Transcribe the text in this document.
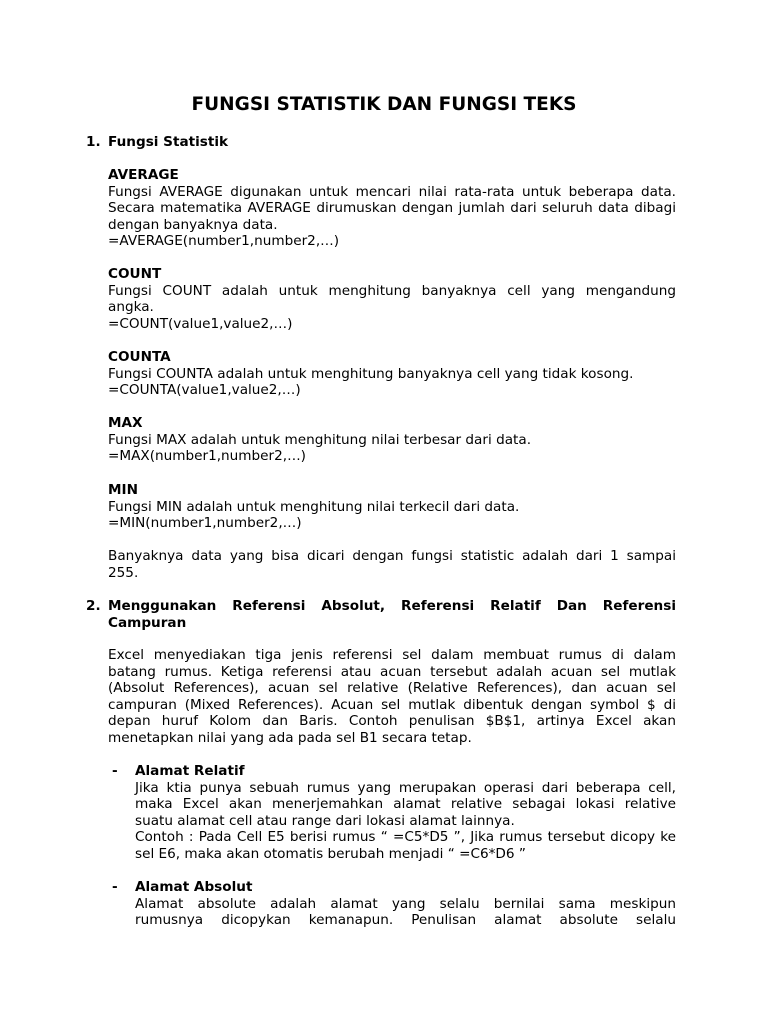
FUNGSI STATISTIK DAN FUNGSI TEKS
1. Fungsi Statistik
AVERAGE
Fungsi AVERAGE digunakan untuk mencari nilai rata-rata untuk beberapa data.
Secara matematika AVERAGE dirumuskan dengan jumlah dari seluruh data dibagi
dengan banyaknya data.
=AVERAGE(number1,number2,…)
COUNT
Fungsi COUNT adalah untuk menghitung banyaknya cell yang mengandung
angka.
=COUNT(value1,value2,…)
COUNTA
Fungsi COUNTA adalah untuk menghitung banyaknya cell yang tidak kosong.
=COUNTA(value1,value2,…)
MAX
Fungsi MAX adalah untuk menghitung nilai terbesar dari data.
=MAX(number1,number2,…)
MIN
Fungsi MIN adalah untuk menghitung nilai terkecil dari data.
=MIN(number1,number2,…)
Banyaknya data yang bisa dicari dengan fungsi statistic adalah dari 1 sampai
255.
2. Menggunakan Referensi Absolut, Referensi Relatif Dan Referensi
Campuran
Excel menyediakan tiga jenis referensi sel dalam membuat rumus di dalam
batang rumus. Ketiga referensi atau acuan tersebut adalah acuan sel mutlak
(Absolut References), acuan sel relative (Relative References), dan acuan sel
campuran (Mixed References). Acuan sel mutlak dibentuk dengan symbol $ di
depan huruf Kolom dan Baris. Contoh penulisan $B$1, artinya Excel akan
menetapkan nilai yang ada pada sel B1 secara tetap.
- Alamat Relatif
Jika ktia punya sebuah rumus yang merupakan operasi dari beberapa cell,
maka Excel akan menerjemahkan alamat relative sebagai lokasi relative
suatu alamat cell atau range dari lokasi alamat lainnya.
Contoh : Pada Cell E5 berisi rumus “ =C5*D5 ”, Jika rumus tersebut dicopy ke
sel E6, maka akan otomatis berubah menjadi “ =C6*D6 ”
- Alamat Absolut
Alamat absolute adalah alamat yang selalu bernilai sama meskipun
rumusnya dicopykan kemanapun. Penulisan alamat absolute selalu
